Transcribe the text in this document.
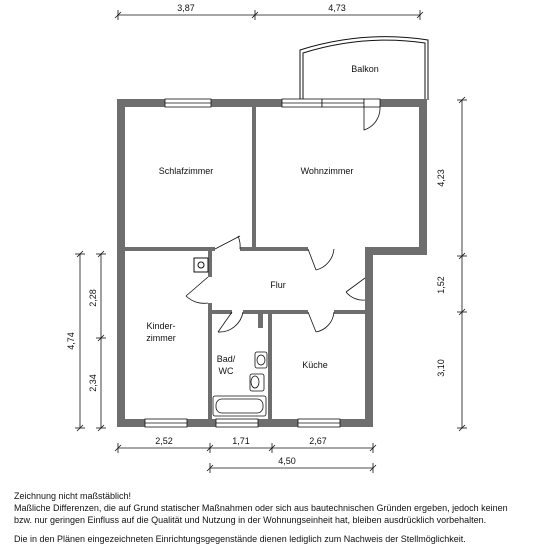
Schlafzimmer	Wohnzimmer
Balkon
Flur
Kinder-
zimmer
Bad/
WC
Küche
3,87	4,73
4,23
1,52
3,10
4,74
2,28
2,34
2,52	1,71	2,67
4,50
Zeichnung nicht maßstäblich!
Maßliche Differenzen, die auf Grund statischer Maßnahmen oder sich aus bautechnischen Gründen ergeben, jedoch keinen
bzw. nur geringen Einfluss auf die Qualität und Nutzung in der Wohnungseinheit hat, bleiben ausdrücklich vorbehalten.
Die in den Plänen eingezeichneten Einrichtungsgegenstände dienen lediglich zum Nachweis der Stellmöglichkeit.
